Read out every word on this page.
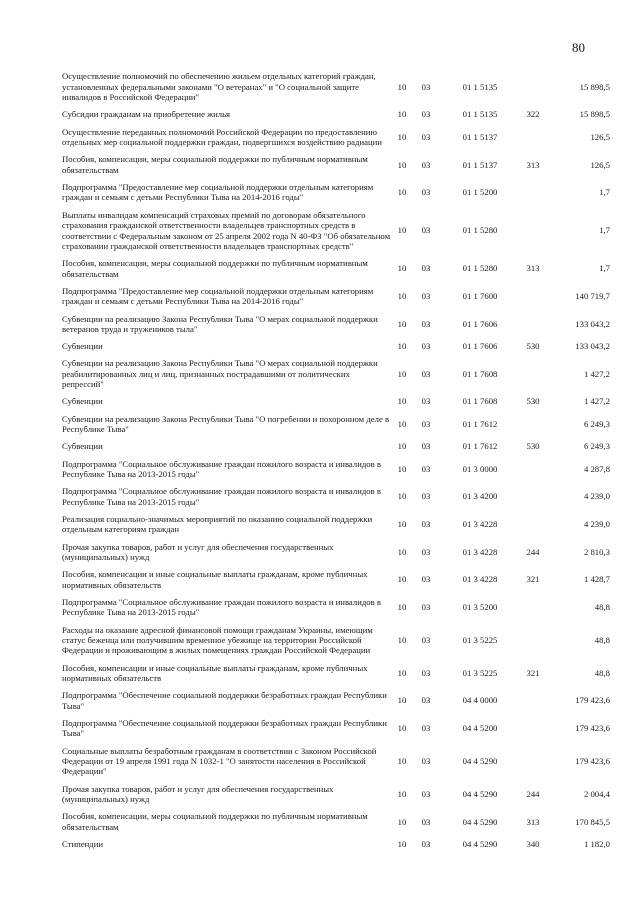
80
Осуществление полномочий по обеспечению жильем отдельных категорий граждан, установленных федеральными законами "О ветеранах" и "О социальной защите инвалидов в Российской Федерации"	10	03	01 1 5135		15 898,5
Субсидии гражданам на приобретение жилья	10	03	01 1 5135	322	15 898,5
Осуществление переданных полномочий Российской Федерации по предоставлению отдельных мер социальной поддержки граждан, подвергшихся воздействию радиации	10	03	01 1 5137		126,5
Пособия, компенсации, меры социальной поддержки по публичным нормативным обязательствам	10	03	01 1 5137	313	126,5
Подпрограмма "Предоставление мер социальной поддержки отдельным категориям граждан и семьям с детьми Республики Тыва на 2014-2016 годы"	10	03	01 1 5200		1,7
Выплаты инвалидам компенсаций страховых премий по договорам обязательного страхования гражданской ответственности владельцев транспортных средств в соответствии с Федеральным законом от 25 апреля 2002 года N 40-ФЗ "Об обязательном страховании гражданской ответственности владельцев транспортных средств"	10	03	01 1 5280		1,7
Пособия, компенсации, меры социальной поддержки по публичным нормативным обязательствам	10	03	01 1 5280	313	1,7
Подпрограмма "Предоставление мер социальной поддержки отдельным категориям граждан и семьям с детьми Республики Тыва на 2014-2016 годы"	10	03	01 1 7600		140 719,7
Субвенции на реализацию Закона Республики Тыва "О мерах социальной поддержки ветеранов труда и тружеников тыла"	10	03	01 1 7606		133 043,2
Субвенции	10	03	01 1 7606	530	133 043,2
Субвенции на реализацию Закона Республики Тыва "О мерах социальной поддержки реабилитированных лиц и лиц, признанных пострадавшими от политических репрессий"	10	03	01 1 7608		1 427,2
Субвенции	10	03	01 1 7608	530	1 427,2
Субвенции на реализацию Закона Республики Тыва "О погребении и похоронном деле в Республике Тыва"	10	03	01 1 7612		6 249,3
Субвенции	10	03	01 1 7612	530	6 249,3
Подпрограмма "Социальное обслуживание граждан пожилого возраста и инвалидов в Республике Тыва на 2013-2015 годы"	10	03	01 3 0000		4 287,8
Подпрограмма "Социальное обслуживание граждан пожилого возраста и инвалидов в Республике Тыва на 2013-2015 годы"	10	03	01 3 4200		4 239,0
Реализация социально-значимых мероприятий по оказанию социальной поддержки отдельным категориям граждан	10	03	01 3 4228		4 239,0
Прочая закупка товаров, работ и услуг для обеспечения государственных (муниципальных) нужд	10	03	01 3 4228	244	2 810,3
Пособия, компенсации и иные социальные выплаты гражданам, кроме публичных нормативных обязательств	10	03	01 3 4228	321	1 428,7
Подпрограмма "Социальное обслуживание граждан пожилого возраста и инвалидов в Республике Тыва на 2013-2015 годы"	10	03	01 3 5200		48,8
Расходы на оказание адресной финансовой помощи гражданам Украины, имеющим статус беженца или получившим временное убежище на территории Российской Федерации и проживающим в жилых помещениях граждан Российской Федерации	10	03	01 3 5225		48,8
Пособия, компенсации и иные социальные выплаты гражданам, кроме публичных нормативных обязательств	10	03	01 3 5225	321	48,8
Подпрограмма "Обеспечение социальной поддержки безработных граждан Республики Тыва"	10	03	04 4 0000		179 423,6
Подпрограмма "Обеспечение социальной поддержки безработных граждан Республики Тыва"	10	03	04 4 5200		179 423,6
Социальные выплаты безработным гражданам в соответствии с Законом Российской Федерации от 19 апреля 1991 года N 1032-1 "О занятости населения в Российской Федерации"	10	03	04 4 5290		179 423,6
Прочая закупка товаров, работ и услуг для обеспечения государственных (муниципальных) нужд	10	03	04 4 5290	244	2 004,4
Пособия, компенсации, меры социальной поддержки по публичным нормативным обязательствам	10	03	04 4 5290	313	170 845,5
Стипендии	10	03	04 4 5290	340	1 182,0
